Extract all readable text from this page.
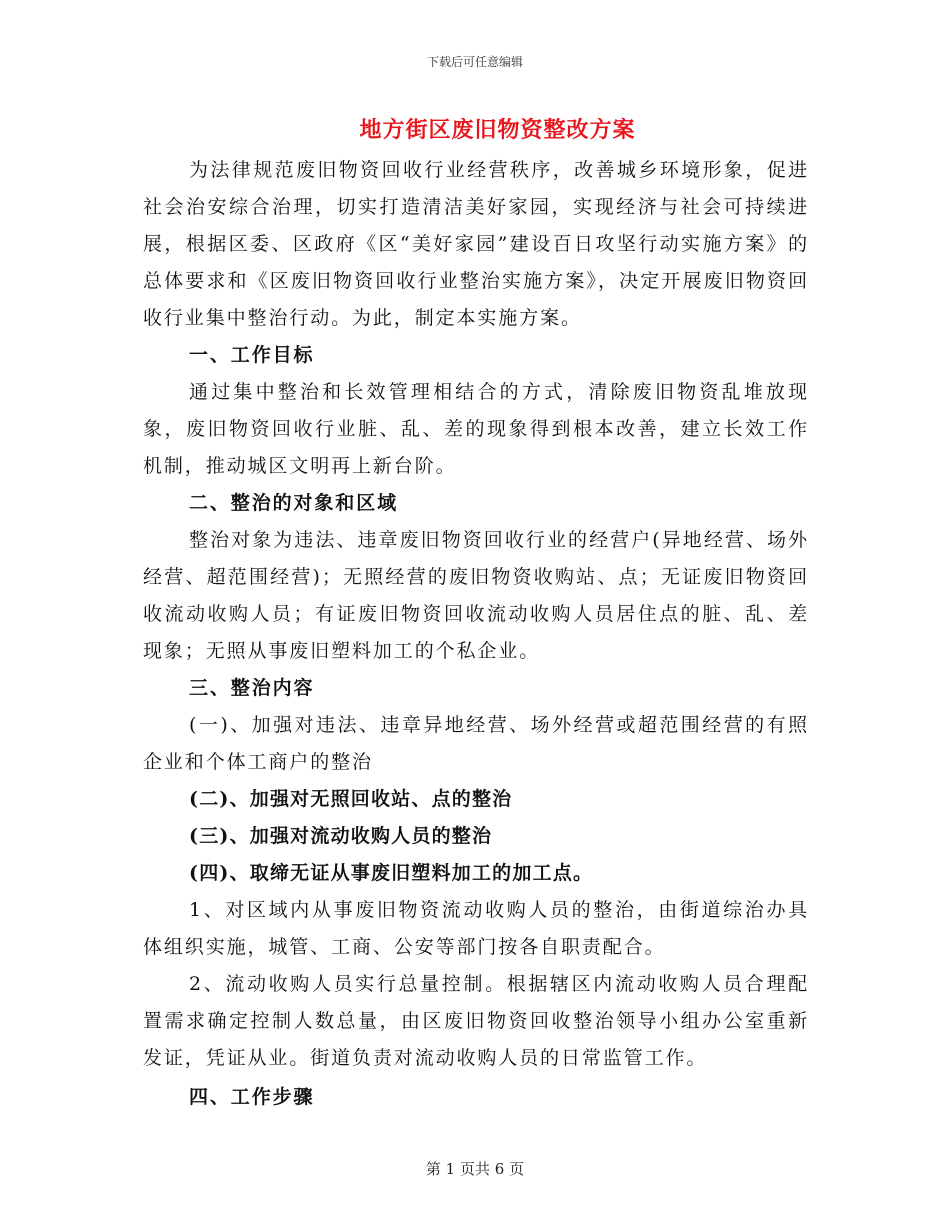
下载后可任意编辑
地方街区废旧物资整改方案

为法律规范废旧物资回收行业经营秩序，改善城乡环境形象，促进社会治安综合治理，切实打造清洁美好家园，实现经济与社会可持续进展，根据区委、区政府《区“美好家园”建设百日攻坚行动实施方案》的总体要求和《区废旧物资回收行业整治实施方案》，决定开展废旧物资回收行业集中整治行动。为此，制定本实施方案。

一、工作目标

通过集中整治和长效管理相结合的方式，清除废旧物资乱堆放现象，废旧物资回收行业脏、乱、差的现象得到根本改善，建立长效工作机制，推动城区文明再上新台阶。

二、整治的对象和区域

整治对象为违法、违章废旧物资回收行业的经营户(异地经营、场外经营、超范围经营)；无照经营的废旧物资收购站、点；无证废旧物资回收流动收购人员；有证废旧物资回收流动收购人员居住点的脏、乱、差现象；无照从事废旧塑料加工的个私企业。

三、整治内容

(一)、加强对违法、违章异地经营、场外经营或超范围经营的有照企业和个体工商户的整治

(二)、加强对无照回收站、点的整治

(三)、加强对流动收购人员的整治

(四)、取缔无证从事废旧塑料加工的加工点。

1、对区域内从事废旧物资流动收购人员的整治，由街道综治办具体组织实施，城管、工商、公安等部门按各自职责配合。

2、流动收购人员实行总量控制。根据辖区内流动收购人员合理配置需求确定控制人数总量，由区废旧物资回收整治领导小组办公室重新发证，凭证从业。街道负责对流动收购人员的日常监管工作。

四、工作步骤

第 1 页共 6 页
